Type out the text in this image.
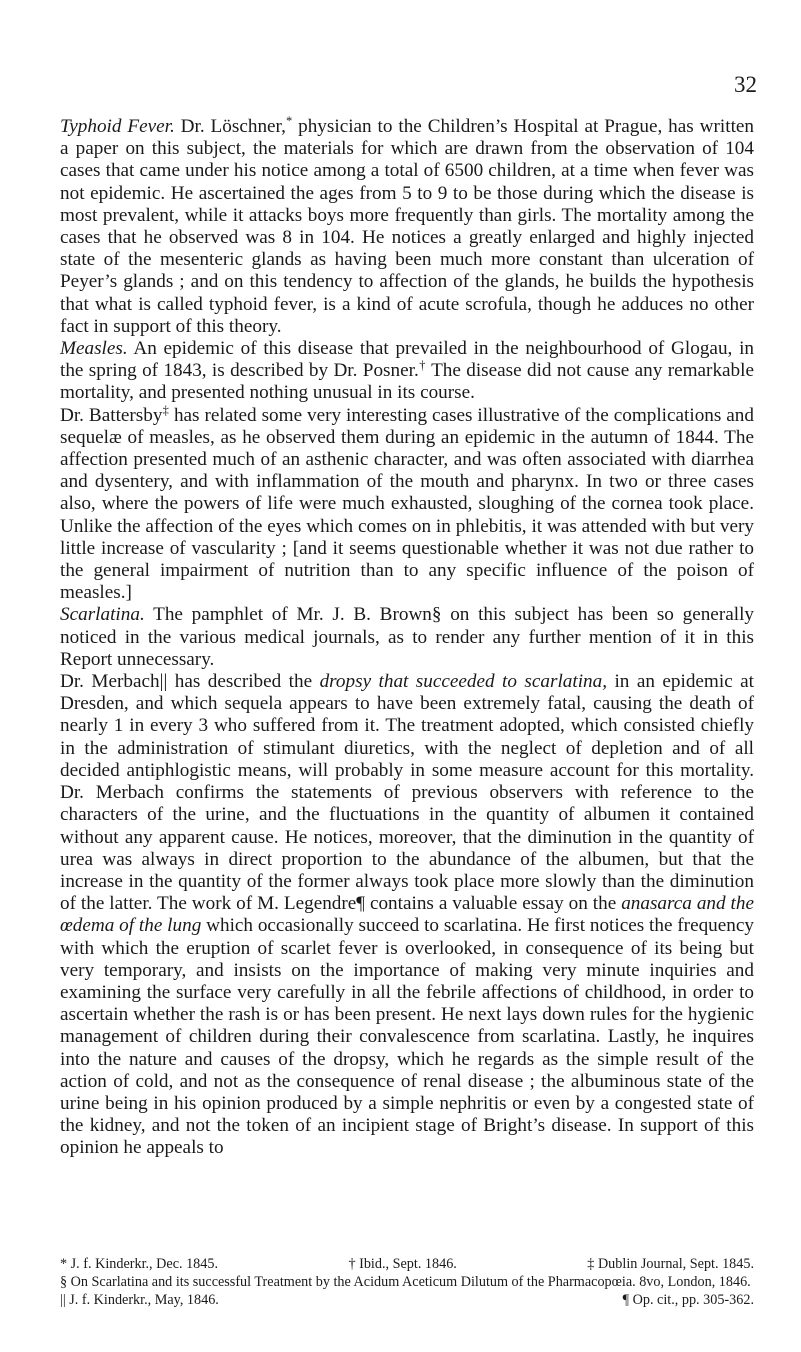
32

Typhoid Fever. Dr. Löschner,* physician to the Children’s Hospital at Prague, has written a paper on this subject, the materials for which are drawn from the observation of 104 cases that came under his notice among a total of 6500 children, at a time when fever was not epidemic. He ascertained the ages from 5 to 9 to be those during which the disease is most prevalent, while it attacks boys more frequently than girls. The mortality among the cases that he observed was 8 in 104. He notices a greatly enlarged and highly injected state of the mesenteric glands as having been much more constant than ulceration of Peyer’s glands ; and on this tendency to affection of the glands, he builds the hypothesis that what is called typhoid fever, is a kind of acute scrofula, though he adduces no other fact in support of this theory.

Measles. An epidemic of this disease that prevailed in the neighbourhood of Glogau, in the spring of 1843, is described by Dr. Posner.† The disease did not cause any remarkable mortality, and presented nothing unusual in its course.

Dr. Battersby‡ has related some very interesting cases illustrative of the complications and sequelæ of measles, as he observed them during an epidemic in the autumn of 1844. The affection presented much of an asthenic character, and was often associated with diarrhea and dysentery, and with inflammation of the mouth and pharynx. In two or three cases also, where the powers of life were much exhausted, sloughing of the cornea took place. Unlike the affection of the eyes which comes on in phlebitis, it was attended with but very little increase of vascularity ; [and it seems questionable whether it was not due rather to the general impairment of nutrition than to any specific influence of the poison of measles.]

Scarlatina. The pamphlet of Mr. J. B. Brown§ on this subject has been so generally noticed in the various medical journals, as to render any further mention of it in this Report unnecessary.

Dr. Merbach|| has described the dropsy that succeeded to scarlatina, in an epidemic at Dresden, and which sequela appears to have been extremely fatal, causing the death of nearly 1 in every 3 who suffered from it. The treatment adopted, which consisted chiefly in the administration of stimulant diuretics, with the neglect of depletion and of all decided antiphlogistic means, will probably in some measure account for this mortality. Dr. Merbach confirms the statements of previous observers with reference to the characters of the urine, and the fluctuations in the quantity of albumen it contained without any apparent cause. He notices, moreover, that the diminution in the quantity of urea was always in direct proportion to the abundance of the albumen, but that the increase in the quantity of the former always took place more slowly than the diminution of the latter. The work of M. Legendre¶ contains a valuable essay on the anasarca and the œdema of the lung which occasionally succeed to scarlatina. He first notices the frequency with which the eruption of scarlet fever is overlooked, in consequence of its being but very temporary, and insists on the importance of making very minute inquiries and examining the surface very carefully in all the febrile affections of childhood, in order to ascertain whether the rash is or has been present. He next lays down rules for the hygienic management of children during their convalescence from scarlatina. Lastly, he inquires into the nature and causes of the dropsy, which he regards as the simple result of the action of cold, and not as the consequence of renal disease ; the albuminous state of the urine being in his opinion produced by a simple nephritis or even by a congested state of the kidney, and not the token of an incipient stage of Bright’s disease. In support of this opinion he appeals to

* J. f. Kinderkr., Dec. 1845.	† Ibid., Sept. 1846.	‡ Dublin Journal, Sept. 1845.

§ On Scarlatina and its successful Treatment by the Acidum Aceticum Dilutum of the Pharmacopœia. 8vo, London, 1846.

|| J. f. Kinderkr., May, 1846.	¶ Op. cit., pp. 305-362.
